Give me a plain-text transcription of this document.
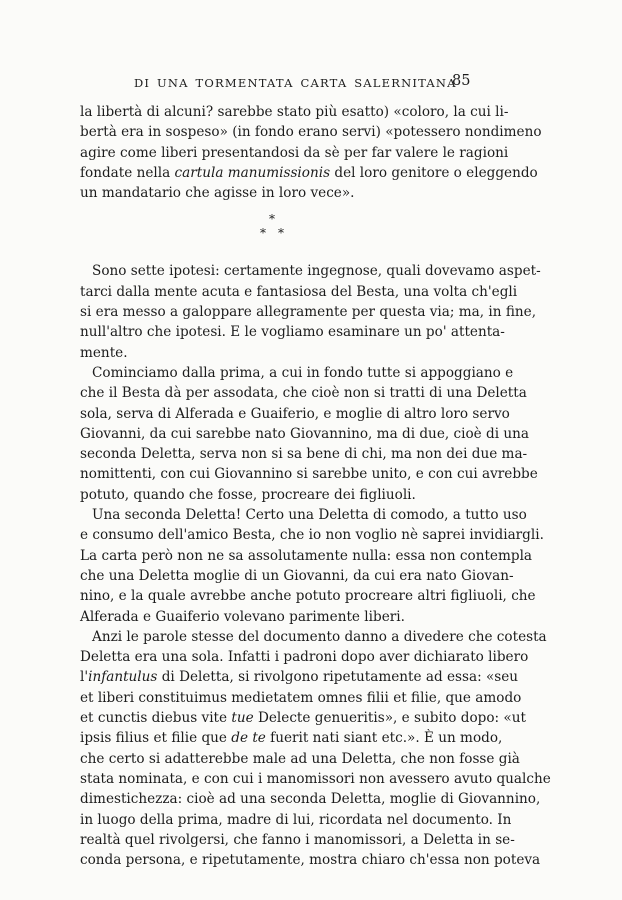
DI UNA TORMENTATA CARTA SALERNITANA
85
la libertà di alcuni? sarebbe stato più esatto) «coloro, la cui li-
bertà era in sospeso» (in fondo erano servi) «potessero nondimeno
agire come liberi presentandosi da sè per far valere le ragioni
fondate nella cartula manumissionis del loro genitore o eleggendo
un mandatario che agisse in loro vece».
*
* *
Sono sette ipotesi: certamente ingegnose, quali dovevamo aspet-
tarci dalla mente acuta e fantasiosa del Besta, una volta ch'egli
si era messo a galoppare allegramente per questa via; ma, in fine,
null'altro che ipotesi. E le vogliamo esaminare un po' attenta-
mente.
Cominciamo dalla prima, a cui in fondo tutte si appoggiano e
che il Besta dà per assodata, che cioè non si tratti di una Deletta
sola, serva di Alferada e Guaiferio, e moglie di altro loro servo
Giovanni, da cui sarebbe nato Giovannino, ma di due, cioè di una
seconda Deletta, serva non si sa bene di chi, ma non dei due ma-
nomittenti, con cui Giovannino si sarebbe unito, e con cui avrebbe
potuto, quando che fosse, procreare dei figliuoli.
Una seconda Deletta! Certo una Deletta di comodo, a tutto uso
e consumo dell'amico Besta, che io non voglio nè saprei invidiargli.
La carta però non ne sa assolutamente nulla: essa non contempla
che una Deletta moglie di un Giovanni, da cui era nato Giovan-
nino, e la quale avrebbe anche potuto procreare altri figliuoli, che
Alferada e Guaiferio volevano parimente liberi.
Anzi le parole stesse del documento danno a divedere che cotesta
Deletta era una sola. Infatti i padroni dopo aver dichiarato libero
l'infantulus di Deletta, si rivolgono ripetutamente ad essa: «seu
et liberi constituimus medietatem omnes filii et filie, que amodo
et cunctis diebus vite tue Delecte genueritis», e subito dopo: «ut
ipsis filius et filie que de te fuerit nati siant etc.». È un modo,
che certo si adatterebbe male ad una Deletta, che non fosse già
stata nominata, e con cui i manomissori non avessero avuto qualche
dimestichezza: cioè ad una seconda Deletta, moglie di Giovannino,
in luogo della prima, madre di lui, ricordata nel documento. In
realtà quel rivolgersi, che fanno i manomissori, a Deletta in se-
conda persona, e ripetutamente, mostra chiaro ch'essa non poteva
